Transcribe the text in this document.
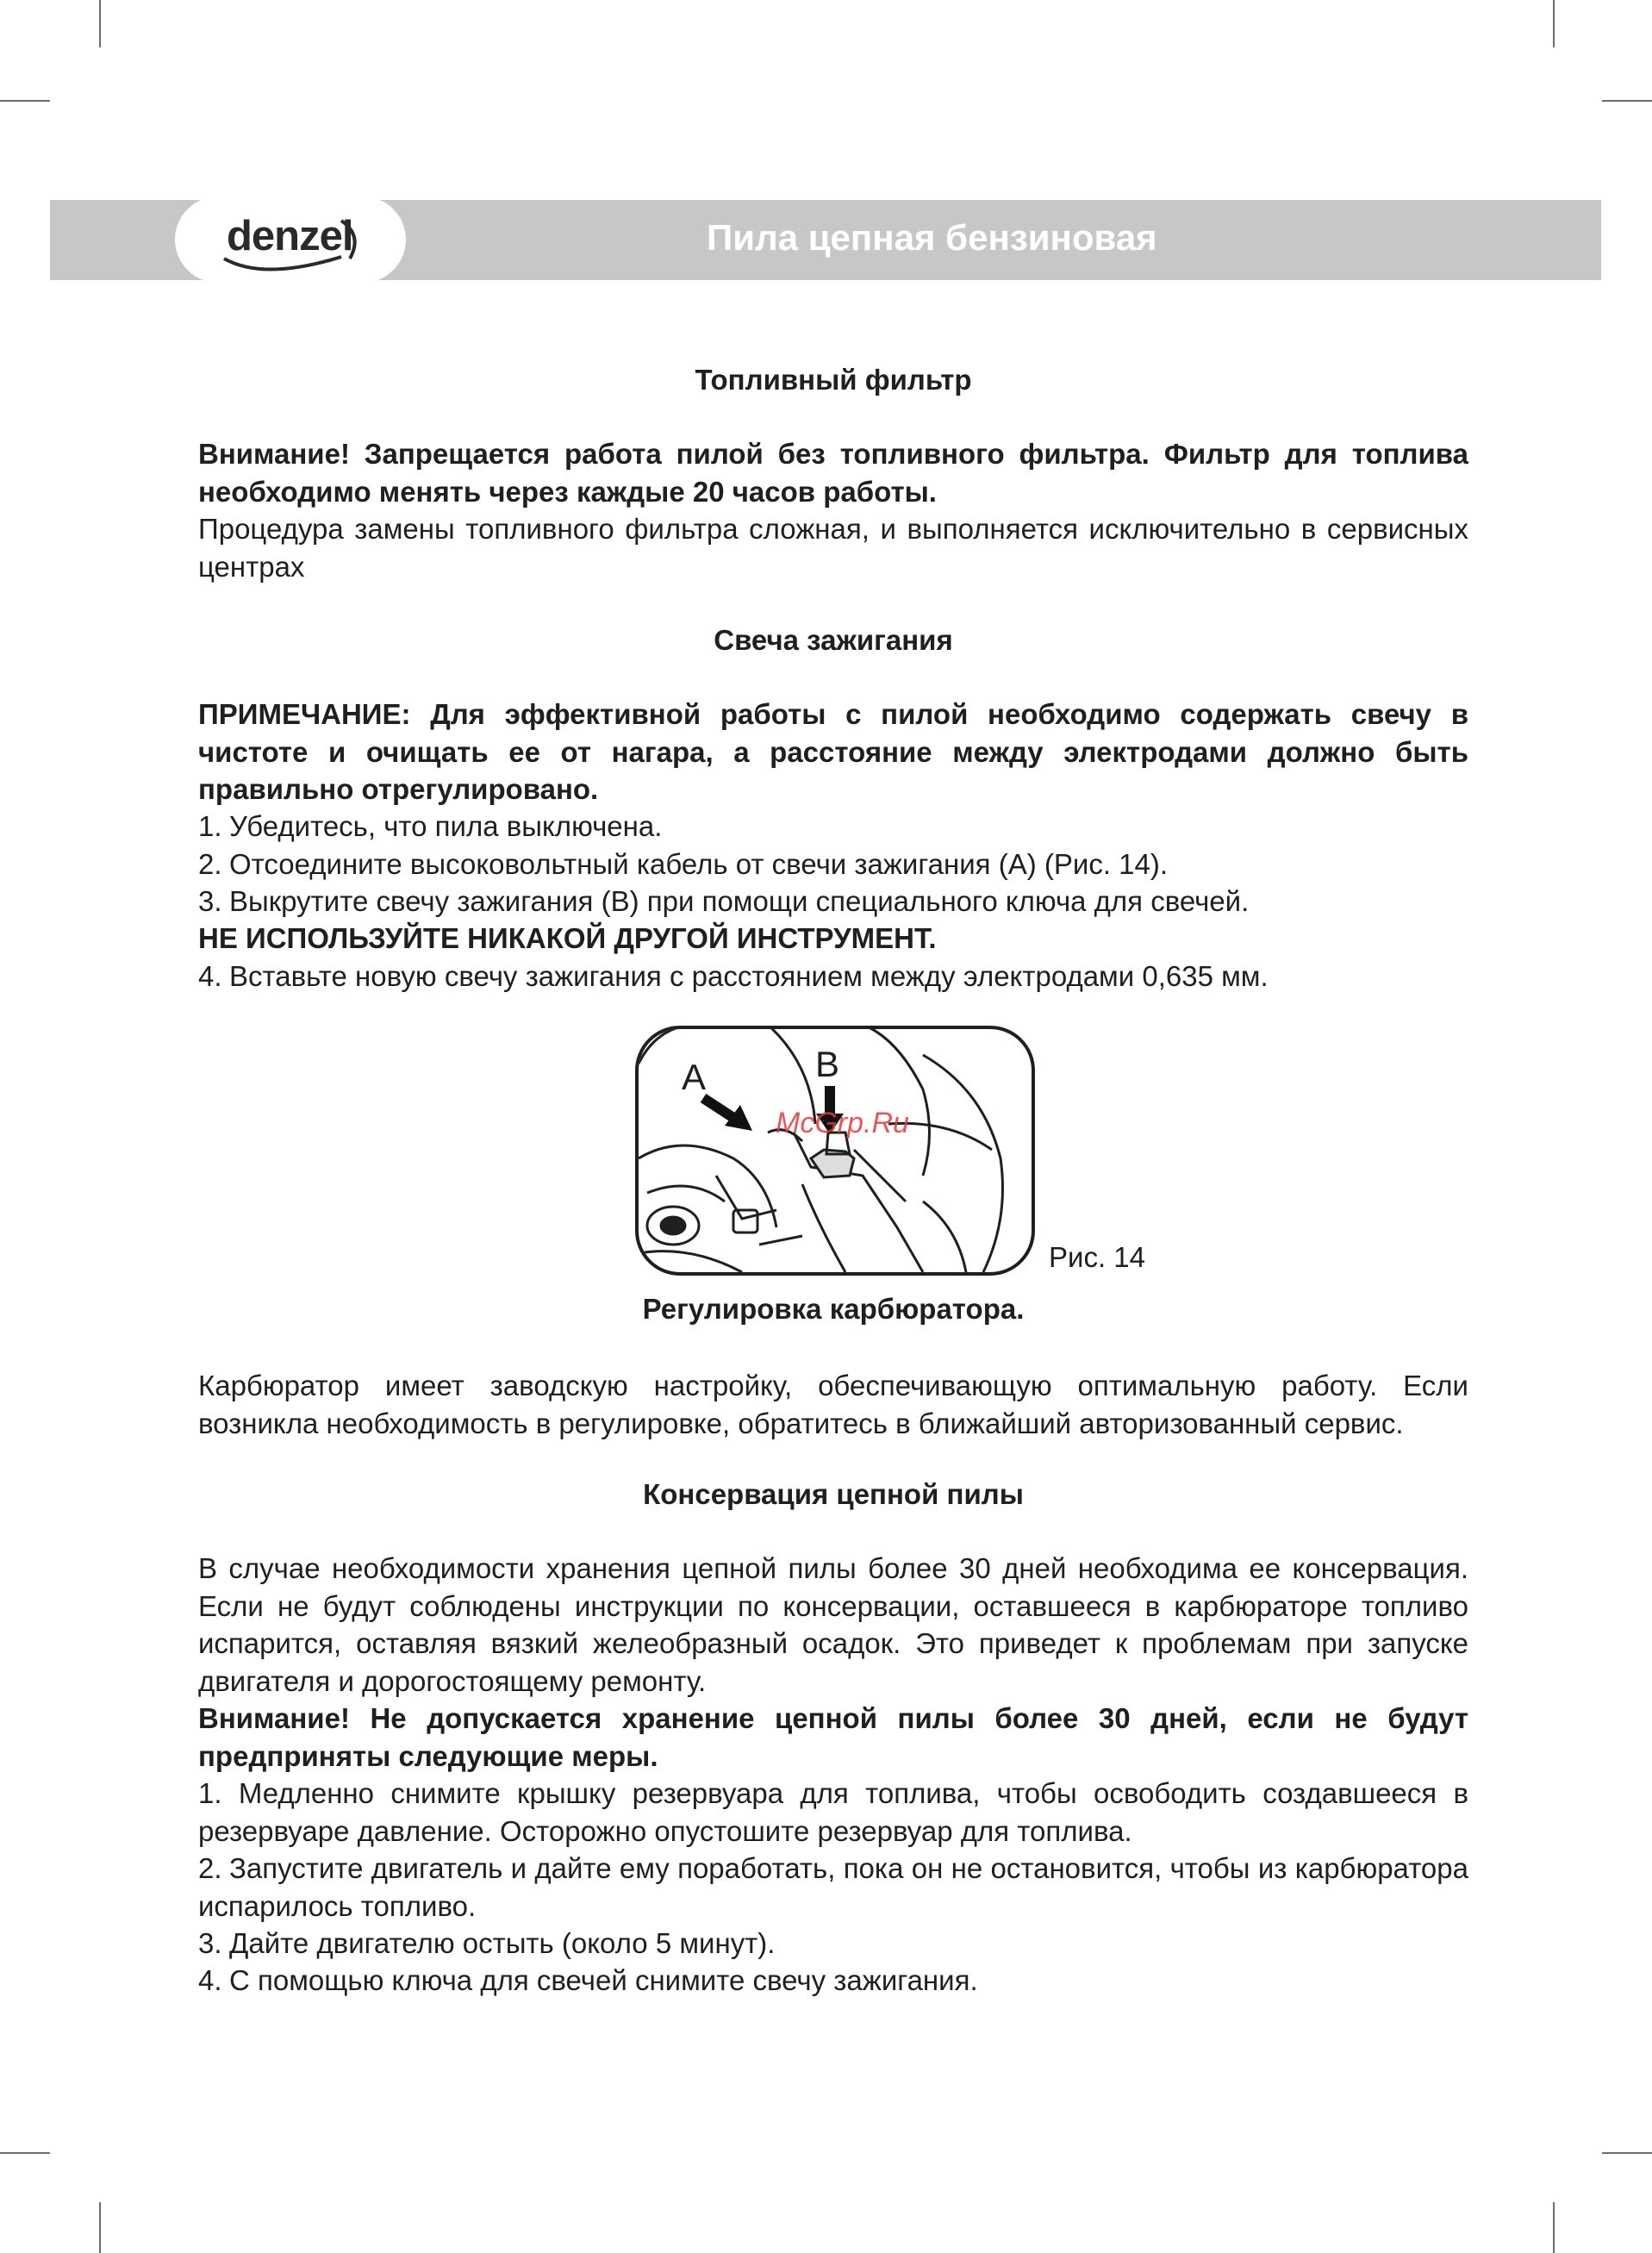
denzel	Пила цепная бензиновая
Топливный фильтр
Внимание! Запрещается работа пилой без топливного фильтра. Фильтр для топлива необходимо менять через каждые 20 часов работы.
Процедура замены топливного фильтра сложная, и выполняется исключительно в сервисных центрах
Свеча зажигания
ПРИМЕЧАНИЕ: Для эффективной работы с пилой необходимо содержать свечу в чистоте и очищать ее от нагара, а расстояние между электродами должно быть правильно отрегулировано.
1. Убедитесь, что пила выключена.
2. Отсоедините высоковольтный кабель от свечи зажигания (A) (Рис. 14).
3. Выкрутите свечу зажигания (B) при помощи специального ключа для свечей.
НЕ ИСПОЛЬЗУЙТЕ НИКАКОЙ ДРУГОЙ ИНСТРУМЕНТ.
4. Вставьте новую свечу зажигания с расстоянием между электродами 0,635 мм.
A	B
McGrp.Ru
Рис. 14
Регулировка карбюратора.
Карбюратор имеет заводскую настройку, обеспечивающую оптимальную работу. Если возникла необходимость в регулировке, обратитесь в ближайший авторизованный сервис.
Консервация цепной пилы
В случае необходимости хранения цепной пилы более 30 дней необходима ее консервация. Если не будут соблюдены инструкции по консервации, оставшееся в карбюраторе топливо испарится, оставляя вязкий желеобразный осадок. Это приведет к проблемам при запуске двигателя и дорогостоящему ремонту.
Внимание! Не допускается хранение цепной пилы более 30 дней, если не будут предприняты следующие меры.
1. Медленно снимите крышку резервуара для топлива, чтобы освободить создавшееся в резервуаре давление. Осторожно опустошите резервуар для топлива.
2. Запустите двигатель и дайте ему поработать, пока он не остановится, чтобы из карбюратора испарилось топливо.
3. Дайте двигателю остыть (около 5 минут).
4. С помощью ключа для свечей снимите свечу зажигания.
